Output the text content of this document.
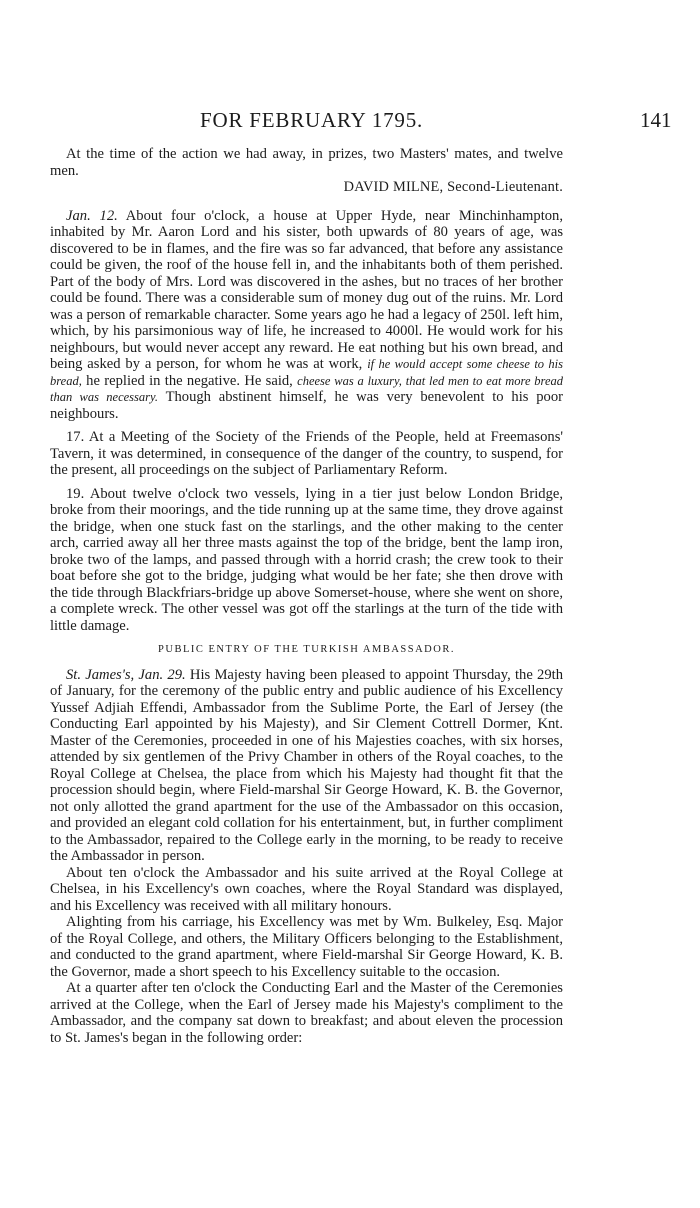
FOR FEBRUARY 1795.	141

At the time of the action we had away, in prizes, two Masters' mates, and twelve men.

DAVID MILNE, Second-Lieutenant.

Jan. 12. About four o'clock, a house at Upper Hyde, near Minchinhampton, inhabited by Mr. Aaron Lord and his sister, both upwards of 80 years of age, was discovered to be in flames, and the fire was so far advanced, that before any assistance could be given, the roof of the house fell in, and the inhabitants both of them perished. Part of the body of Mrs. Lord was discovered in the ashes, but no traces of her brother could be found. There was a considerable sum of money dug out of the ruins. Mr. Lord was a person of remarkable character. Some years ago he had a legacy of 250l. left him, which, by his parsimonious way of life, he increased to 4000l. He would work for his neighbours, but would never accept any reward. He eat nothing but his own bread, and being asked by a person, for whom he was at work, if he would accept some cheese to his bread, he replied in the negative. He said, cheese was a luxury, that led men to eat more bread than was necessary. Though abstinent himself, he was very benevolent to his poor neighbours.

17. At a Meeting of the Society of the Friends of the People, held at Freemasons' Tavern, it was determined, in consequence of the danger of the country, to suspend, for the present, all proceedings on the subject of Parliamentary Reform.

19. About twelve o'clock two vessels, lying in a tier just below London Bridge, broke from their moorings, and the tide running up at the same time, they drove against the bridge, when one stuck fast on the starlings, and the other making to the center arch, carried away all her three masts against the top of the bridge, bent the lamp iron, broke two of the lamps, and passed through with a horrid crash; the crew took to their boat before she got to the bridge, judging what would be her fate; she then drove with the tide through Blackfriars-bridge up above Somerset-house, where she went on shore, a complete wreck. The other vessel was got off the starlings at the turn of the tide with little damage.

PUBLIC ENTRY OF THE TURKISH AMBASSADOR.

St. James's, Jan. 29. His Majesty having been pleased to appoint Thursday, the 29th of January, for the ceremony of the public entry and public audience of his Excellency Yussef Adjiah Effendi, Ambassador from the Sublime Porte, the Earl of Jersey (the Conducting Earl appointed by his Majesty), and Sir Clement Cottrell Dormer, Knt. Master of the Ceremonies, proceeded in one of his Majesties coaches, with six horses, attended by six gentlemen of the Privy Chamber in others of the Royal coaches, to the Royal College at Chelsea, the place from which his Majesty had thought fit that the procession should begin, where Field-marshal Sir George Howard, K. B. the Governor, not only allotted the grand apartment for the use of the Ambassador on this occasion, and provided an elegant cold collation for his entertainment, but, in further compliment to the Ambassador, repaired to the College early in the morning, to be ready to receive the Ambassador in person.

About ten o'clock the Ambassador and his suite arrived at the Royal College at Chelsea, in his Excellency's own coaches, where the Royal Standard was displayed, and his Excellency was received with all military honours.

Alighting from his carriage, his Excellency was met by Wm. Bulkeley, Esq. Major of the Royal College, and others, the Military Officers belonging to the Establishment, and conducted to the grand apartment, where Field-marshal Sir George Howard, K. B. the Governor, made a short speech to his Excellency suitable to the occasion.

At a quarter after ten o'clock the Conducting Earl and the Master of the Ceremonies arrived at the College, when the Earl of Jersey made his Majesty's compliment to the Ambassador, and the company sat down to breakfast; and about eleven the procession to St. James's began in the following order:
